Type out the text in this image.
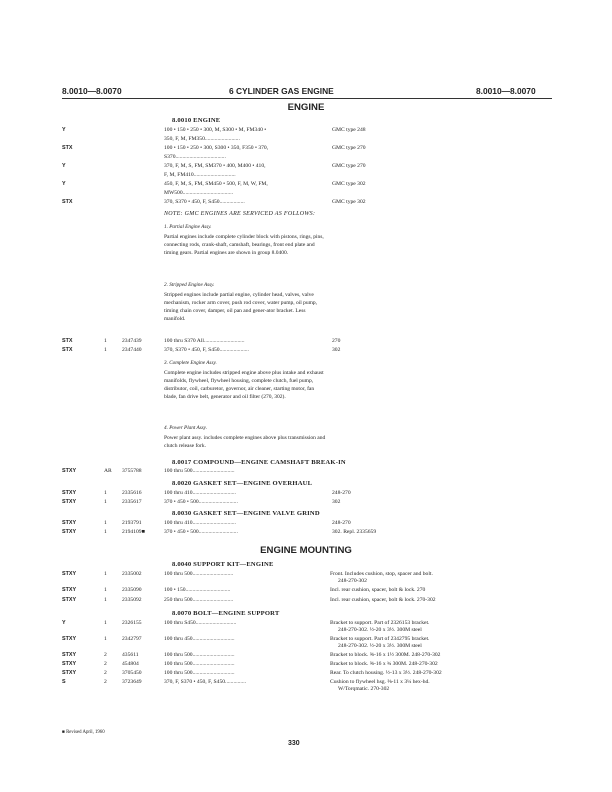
8.0010—8.0070	6 CYLINDER GAS ENGINE	8.0010—8.0070
ENGINE
8.0010 ENGINE
Y	100 • 150 • 250 • 300, M, S300 • M, FM340 •	GMC type 248
350, F, M, FM350.........................
STX	100 • 150 • 250 • 300, S300 • 350, F350 • 370,	GMC type 270
S370....................................
Y	370, F, M, S, FM, SM370 • 400, M400 • 410,	GMC type 270
F, M, FM410..............................
Y	450, F, M, S, FM, SM450 • 500, F, M, W, FM,	GMC type 302
MW500....................................
STX	370, S370 • 450, F, S450..................	GMC type 302
NOTE: GMC ENGINES ARE SERVICED AS FOLLOWS:
1. Partial Engine Assy.
Partial engines include complete cylinder block with pistons, rings, pins, connecting rods, crank-shaft, camshaft, bearings, front end plate and timing gears. Partial engines are shown in group 8.0400.
2. Stripped Engine Assy.
Stripped engines include partial engine, cylinder head, valves, valve mechanism, rocker arm cover, push rod cover, water pump, oil pump, timing chain cover, damper, oil pan and gener-ator bracket. Less manifold.
STX	1	2347439	100 thru S370 All.............................	270
STX	1	2347440	370, S370 • 450, F, S450.....................	302
3. Complete Engine Assy.
Complete engine includes stripped engine above plus intake and exhaust manifolds, flywheel, flywheel housing, complete clutch, fuel pump, distributor, coil, carburetor, governor, air cleaner, starting motor, fan blade, fan drive belt, generator and oil filter (270, 302).
4. Power Plant Assy.
Power plant assy. includes complete engines above plus transmission and clutch release fork.
8.0017 COMPOUND—ENGINE CAMSHAFT BREAK-IN
STXY	AR 3755788	100 thru 500..............................
8.0020 GASKET SET—ENGINE OVERHAUL
STXY	1	2335616	100 thru 410...............................	248-270
STXY	1	2335617	370 • 450 • 500............................	302
8.0030 GASKET SET—ENGINE VALVE GRIND
STXY	1	2193791	100 thru 410...............................	248-270
STXY	1	2194109■	370 • 450 • 500............................	302. Repl. 2335659
ENGINE MOUNTING
8.0040 SUPPORT KIT—ENGINE
STXY	1	2335002	100 thru 500.............................	Front. Includes cushion, stop, spacer and bolt.
248-270-302
STXY	1	2335090	100 • 150................................	Incl. rear cushion, spacer, bolt & lock. 270
STXY	1	2335092	250 thru 500.............................	Incl. rear cushion, spacer, bolt & lock. 270-302
8.0070 BOLT—ENGINE SUPPORT
Y	1	2326155	100 thru S450.............................	Bracket to support. Part of 2326153 bracket.
248-270-302. ½-20 x 3½. 300M steel
STXY	1	2342797	100 thru 450..............................	Bracket to support. Part of 2342795 bracket.
248-270-302. ½-20 x 3½. 300M steel
STXY	2	435611	100 thru 500..............................	Bracket to block. ⅝-16 x 1½ 300M. 248-270-302
STXY	2	454804	100 thru 500..............................	Bracket to block. ⅝-16 x ¾ 300M. 248-270-302
STXY	2	3705450	100 thru 500..............................	Rear. To clutch housing. ½-13 x 3½. 248-270-302
S	2	3723649	370, F, S370 • 450, F, S450...............	Cushion to flywheel hsg. ⅝-11 x 3¼ hex-hd.
W/Torqmatic. 270-302
■ Revised April, 1960
330
